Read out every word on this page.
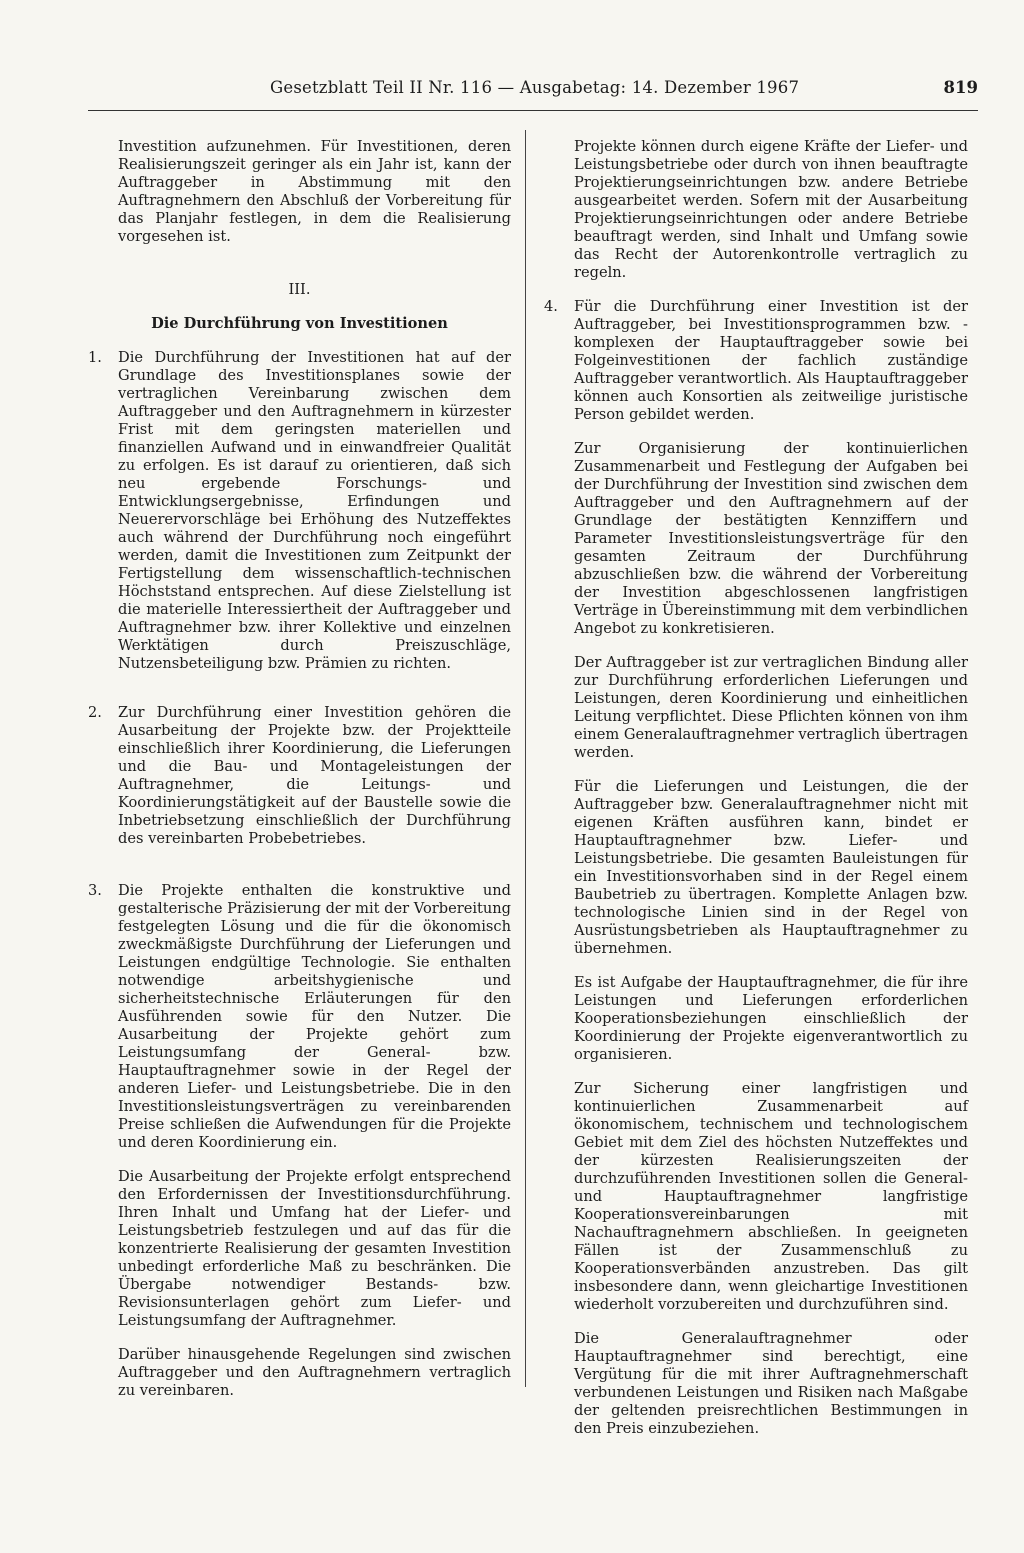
Gesetzblatt Teil II Nr. 116 — Ausgabetag: 14. Dezember 1967	819

Investition aufzunehmen. Für Investitionen, deren Realisierungszeit geringer als ein Jahr ist, kann der Auftraggeber in Abstimmung mit den Auftragnehmern den Abschluß der Vorbereitung für das Planjahr festlegen, in dem die Realisierung vorgesehen ist.

III.

Die Durchführung von Investitionen

1. Die Durchführung der Investitionen hat auf der Grundlage des Investitionsplanes sowie der vertraglichen Vereinbarung zwischen dem Auftraggeber und den Auftragnehmern in kürzester Frist mit dem geringsten materiellen und finanziellen Aufwand und in einwandfreier Qualität zu erfolgen. Es ist darauf zu orientieren, daß sich neu ergebende Forschungs- und Entwicklungsergebnisse, Erfindungen und Neuerervorschläge bei Erhöhung des Nutzeffektes auch während der Durchführung noch eingeführt werden, damit die Investitionen zum Zeitpunkt der Fertigstellung dem wissenschaftlich-technischen Höchststand entsprechen. Auf diese Zielstellung ist die materielle Interessiertheit der Auftraggeber und Auftragnehmer bzw. ihrer Kollektive und einzelnen Werktätigen durch Preiszuschläge, Nutzensbeteiligung bzw. Prämien zu richten.
2. Zur Durchführung einer Investition gehören die Ausarbeitung der Projekte bzw. der Projektteile einschließlich ihrer Koordinierung, die Lieferungen und die Bau- und Montageleistungen der Auftragnehmer, die Leitungs- und Koordinierungstätigkeit auf der Baustelle sowie die Inbetriebsetzung einschließlich der Durchführung des vereinbarten Probebetriebes.
3. Die Projekte enthalten die konstruktive und gestalterische Präzisierung der mit der Vorbereitung festgelegten Lösung und die für die ökonomisch zweckmäßigste Durchführung der Lieferungen und Leistungen endgültige Technologie. Sie enthalten notwendige arbeitshygienische und sicherheitstechnische Erläuterungen für den Ausführenden sowie für den Nutzer. Die Ausarbeitung der Projekte gehört zum Leistungsumfang der General- bzw. Hauptauftragnehmer sowie in der Regel der anderen Liefer- und Leistungsbetriebe. Die in den Investitionsleistungsverträgen zu vereinbarenden Preise schließen die Aufwendungen für die Projekte und deren Koordinierung ein.

Die Ausarbeitung der Projekte erfolgt entsprechend den Erfordernissen der Investitionsdurchführung. Ihren Inhalt und Umfang hat der Liefer- und Leistungsbetrieb festzulegen und auf das für die konzentrierte Realisierung der gesamten Investition unbedingt erforderliche Maß zu beschränken. Die Übergabe notwendiger Bestands- bzw. Revisionsunterlagen gehört zum Liefer- und Leistungsumfang der Auftragnehmer.

Darüber hinausgehende Regelungen sind zwischen Auftraggeber und den Auftragnehmern vertraglich zu vereinbaren.

Projekte können durch eigene Kräfte der Liefer- und Leistungsbetriebe oder durch von ihnen beauftragte Projektierungseinrichtungen bzw. andere Betriebe ausgearbeitet werden. Sofern mit der Ausarbeitung Projektierungseinrichtungen oder andere Betriebe beauftragt werden, sind Inhalt und Umfang sowie das Recht der Autorenkontrolle vertraglich zu regeln.

4. Für die Durchführung einer Investition ist der Auftraggeber, bei Investitionsprogrammen bzw. -komplexen der Hauptauftraggeber sowie bei Folgeinvestitionen der fachlich zuständige Auftraggeber verantwortlich. Als Hauptauftraggeber können auch Konsortien als zeitweilige juristische Person gebildet werden.

Zur Organisierung der kontinuierlichen Zusammenarbeit und Festlegung der Aufgaben bei der Durchführung der Investition sind zwischen dem Auftraggeber und den Auftragnehmern auf der Grundlage der bestätigten Kennziffern und Parameter Investitionsleistungsverträge für den gesamten Zeitraum der Durchführung abzuschließen bzw. die während der Vorbereitung der Investition abgeschlossenen langfristigen Verträge in Übereinstimmung mit dem verbindlichen Angebot zu konkretisieren.

Der Auftraggeber ist zur vertraglichen Bindung aller zur Durchführung erforderlichen Lieferungen und Leistungen, deren Koordinierung und einheitlichen Leitung verpflichtet. Diese Pflichten können von ihm einem Generalauftragnehmer vertraglich übertragen werden.

Für die Lieferungen und Leistungen, die der Auftraggeber bzw. Generalauftragnehmer nicht mit eigenen Kräften ausführen kann, bindet er Hauptauftragnehmer bzw. Liefer- und Leistungsbetriebe. Die gesamten Bauleistungen für ein Investitionsvorhaben sind in der Regel einem Baubetrieb zu übertragen. Komplette Anlagen bzw. technologische Linien sind in der Regel von Ausrüstungsbetrieben als Hauptauftragnehmer zu übernehmen.

Es ist Aufgabe der Hauptauftragnehmer, die für ihre Leistungen und Lieferungen erforderlichen Kooperationsbeziehungen einschließlich der Koordinierung der Projekte eigenverantwortlich zu organisieren.

Zur Sicherung einer langfristigen und kontinuierlichen Zusammenarbeit auf ökonomischem, technischem und technologischem Gebiet mit dem Ziel des höchsten Nutzeffektes und der kürzesten Realisierungszeiten der durchzuführenden Investitionen sollen die General- und Hauptauftragnehmer langfristige Kooperationsvereinbarungen mit Nachauftragnehmern abschließen. In geeigneten Fällen ist der Zusammenschluß zu Kooperationsverbänden anzustreben. Das gilt insbesondere dann, wenn gleichartige Investitionen wiederholt vorzubereiten und durchzuführen sind.

Die Generalauftragnehmer oder Hauptauftragnehmer sind berechtigt, eine Vergütung für die mit ihrer Auftragnehmerschaft verbundenen Leistungen und Risiken nach Maßgabe der geltenden preisrechtlichen Bestimmungen in den Preis einzubeziehen.
